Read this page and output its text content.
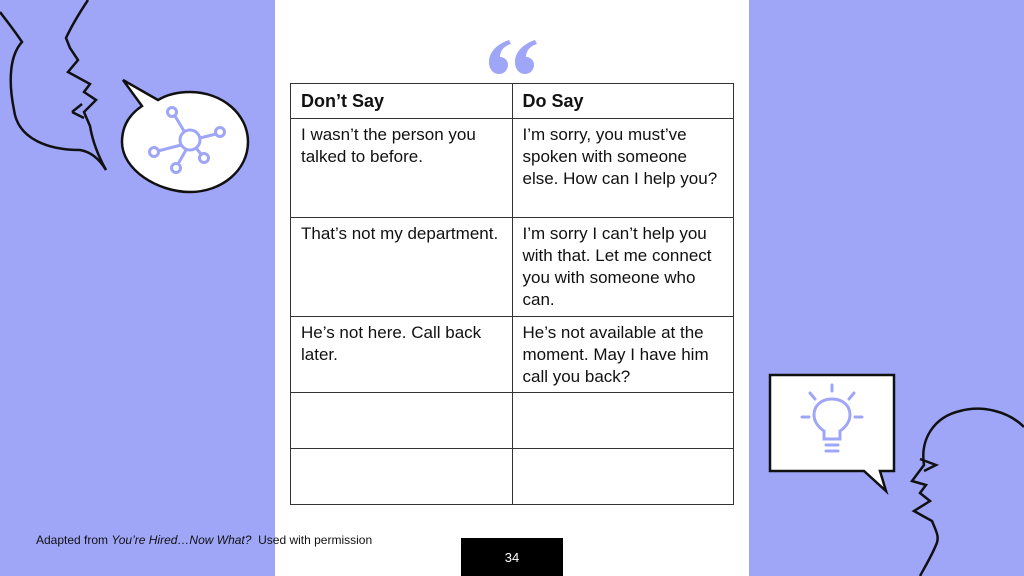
Don’t Say	Do Say
I wasn’t the person you talked to before.	I’m sorry, you must’ve spoken with someone else. How can I help you?
That’s not my department.	I’m sorry I can’t help you with that. Let me connect you with someone who can.
He’s not here. Call back later.	He’s not available at the moment. May I have him call you back?

Adapted from You’re Hired…Now What?  Used with permission
34
